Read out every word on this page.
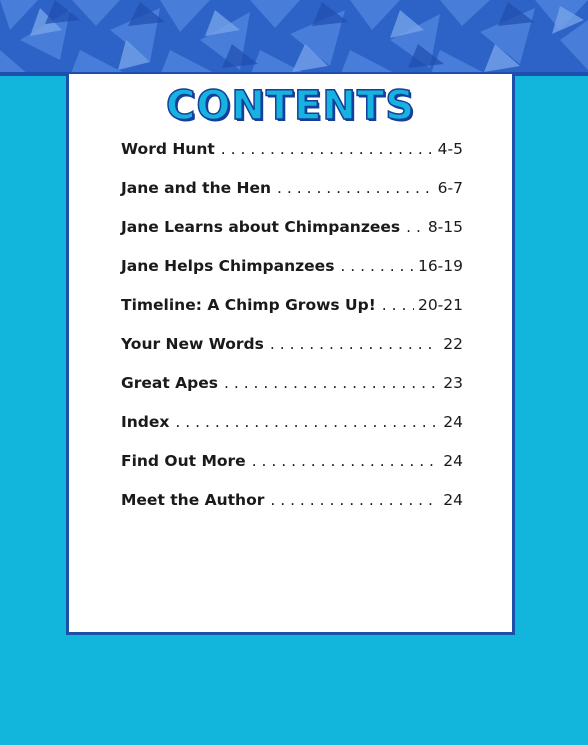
CONTENTS
Word Hunt . . .	4-5
Jane and the Hen . . .	6-7
Jane Learns about Chimpanzees . . . 8-15
Jane Helps Chimpanzees . . .	16-19
Timeline: A Chimp Grows Up! . . .	20-21
Your New Words . . .	22
Great Apes . . .	23
Index . . .	24
Find Out More . . .	24
Meet the Author . . .	24
